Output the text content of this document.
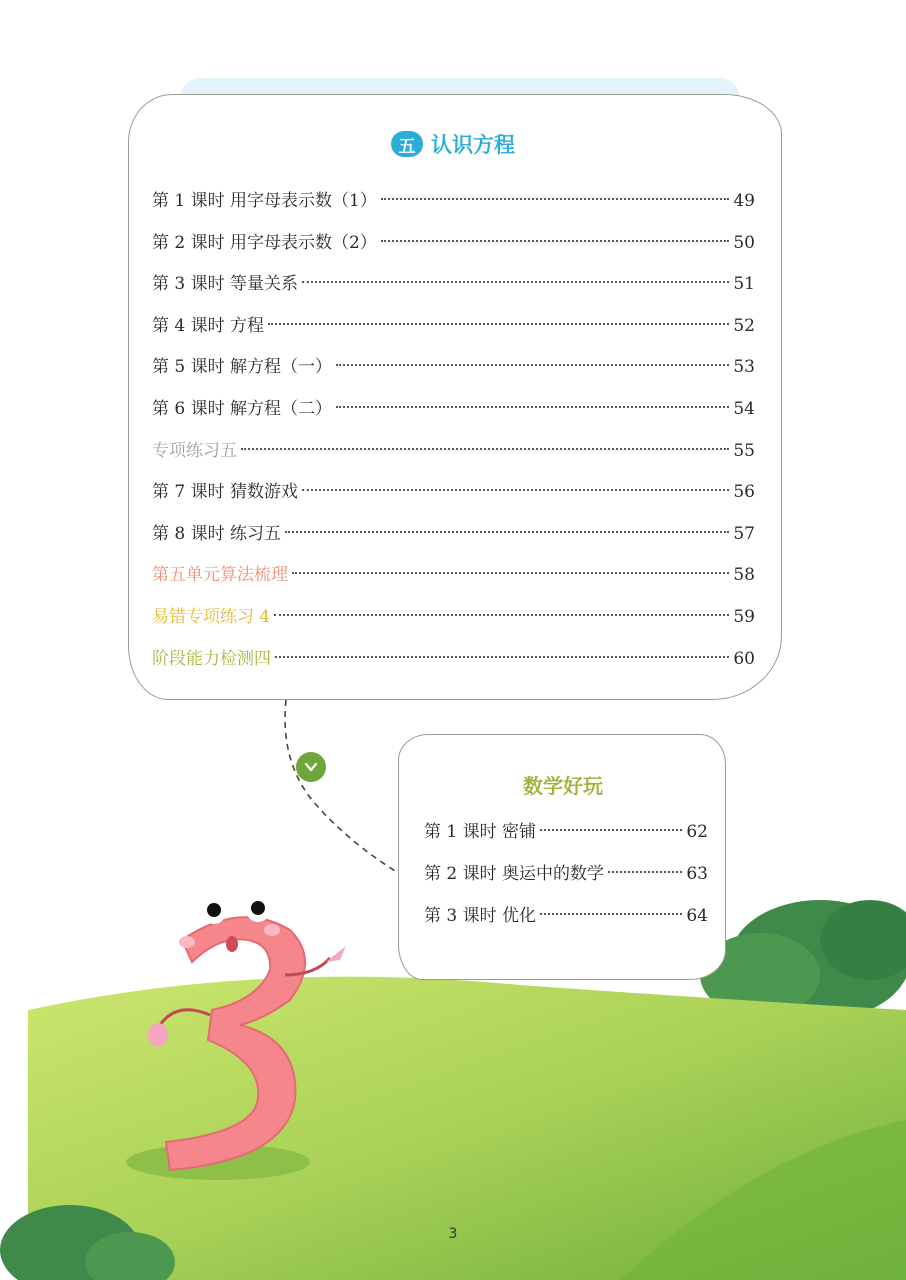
五 认识方程
第 1 课时 用字母表示数（1）	49
第 2 课时 用字母表示数（2）	50
第 3 课时 等量关系	51
第 4 课时 方程	52
第 5 课时 解方程（一）	53
第 6 课时 解方程（二）	54
专项练习五	55
第 7 课时 猜数游戏	56
第 8 课时 练习五	57
第五单元算法梳理	58
易错专项练习 4	59
阶段能力检测四	60
数学好玩
第 1 课时 密铺	62
第 2 课时 奥运中的数学	63
第 3 课时 优化	64
3
